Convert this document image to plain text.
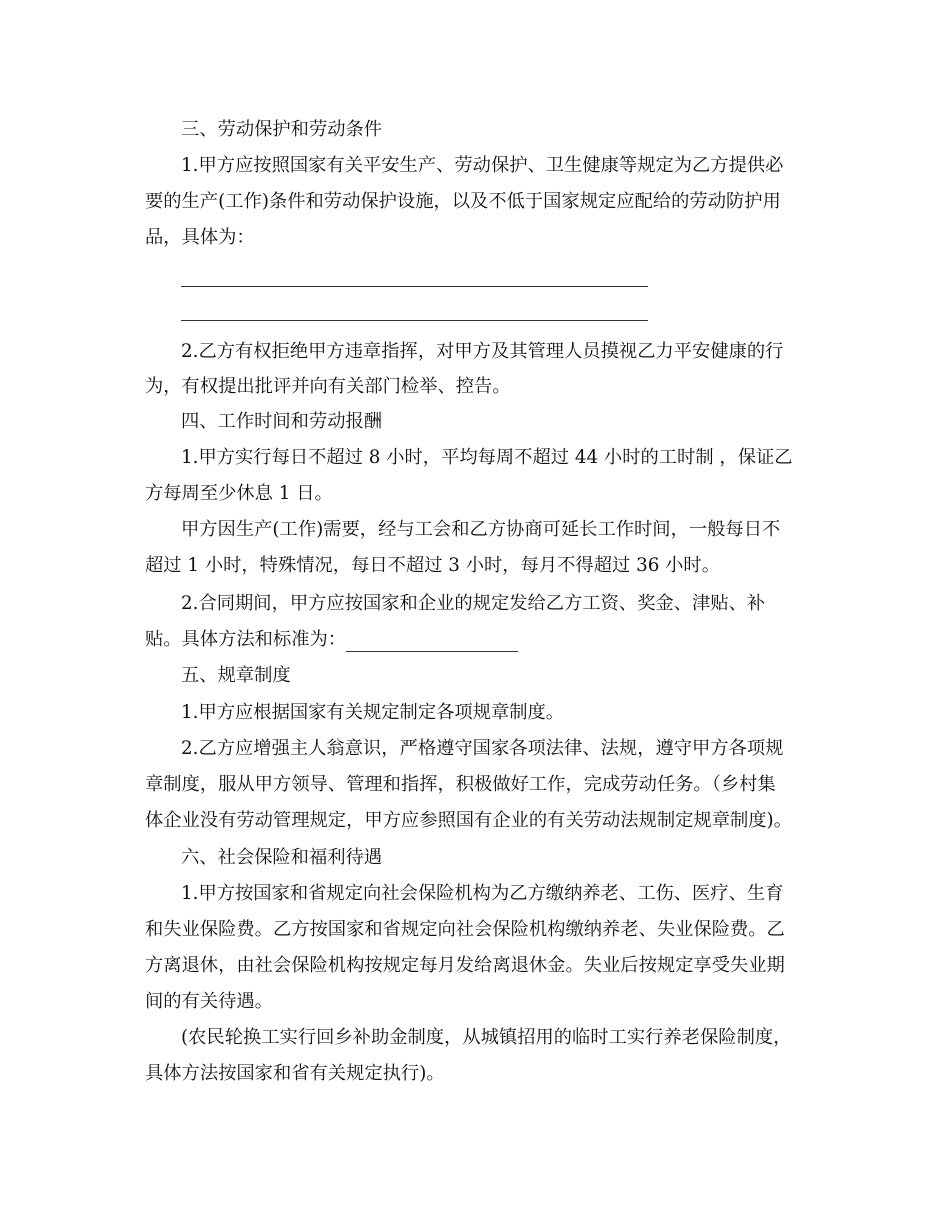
三、劳动保护和劳动条件
1.甲方应按照国家有关平安生产、劳动保护、卫生健康等规定为乙方提供必
要的生产(工作)条件和劳动保护设施，以及不低于国家规定应配给的劳动防护用
品，具体为：
2.乙方有权拒绝甲方违章指挥，对甲方及其管理人员摸视乙力平安健康的行
为，有权提出批评并向有关部门检举、控告。
四、工作时间和劳动报酬
1.甲方实行每日不超过 8 小时，平均每周不超过 44 小时的工时制 ，保证乙
方每周至少休息 1 日。
甲方因生产(工作)需要，经与工会和乙方协商可延长工作时间，一般每日不
超过 1 小时，特殊情况，每日不超过 3 小时，每月不得超过 36 小时。
2.合同期间，甲方应按国家和企业的规定发给乙方工资、奖金、津贴、补
贴。具体方法和标准为：
五、规章制度
1.甲方应根据国家有关规定制定各项规章制度。
2.乙方应增强主人翁意识，严格遵守国家各项法律、法规，遵守甲方各项规
章制度，服从甲方领导、管理和指挥，积极做好工作，完成劳动任务。（乡村集
体企业没有劳动管理规定，甲方应参照国有企业的有关劳动法规制定规章制度)。
六、社会保险和福利待遇
1.甲方按国家和省规定向社会保险机构为乙方缴纳养老、工伤、医疗、生育
和失业保险费。乙方按国家和省规定向社会保险机构缴纳养老、失业保险费。乙
方离退休，由社会保险机构按规定每月发给离退休金。失业后按规定享受失业期
间的有关待遇。
(农民轮换工实行回乡补助金制度，从城镇招用的临时工实行养老保险制度，
具体方法按国家和省有关规定执行)。
